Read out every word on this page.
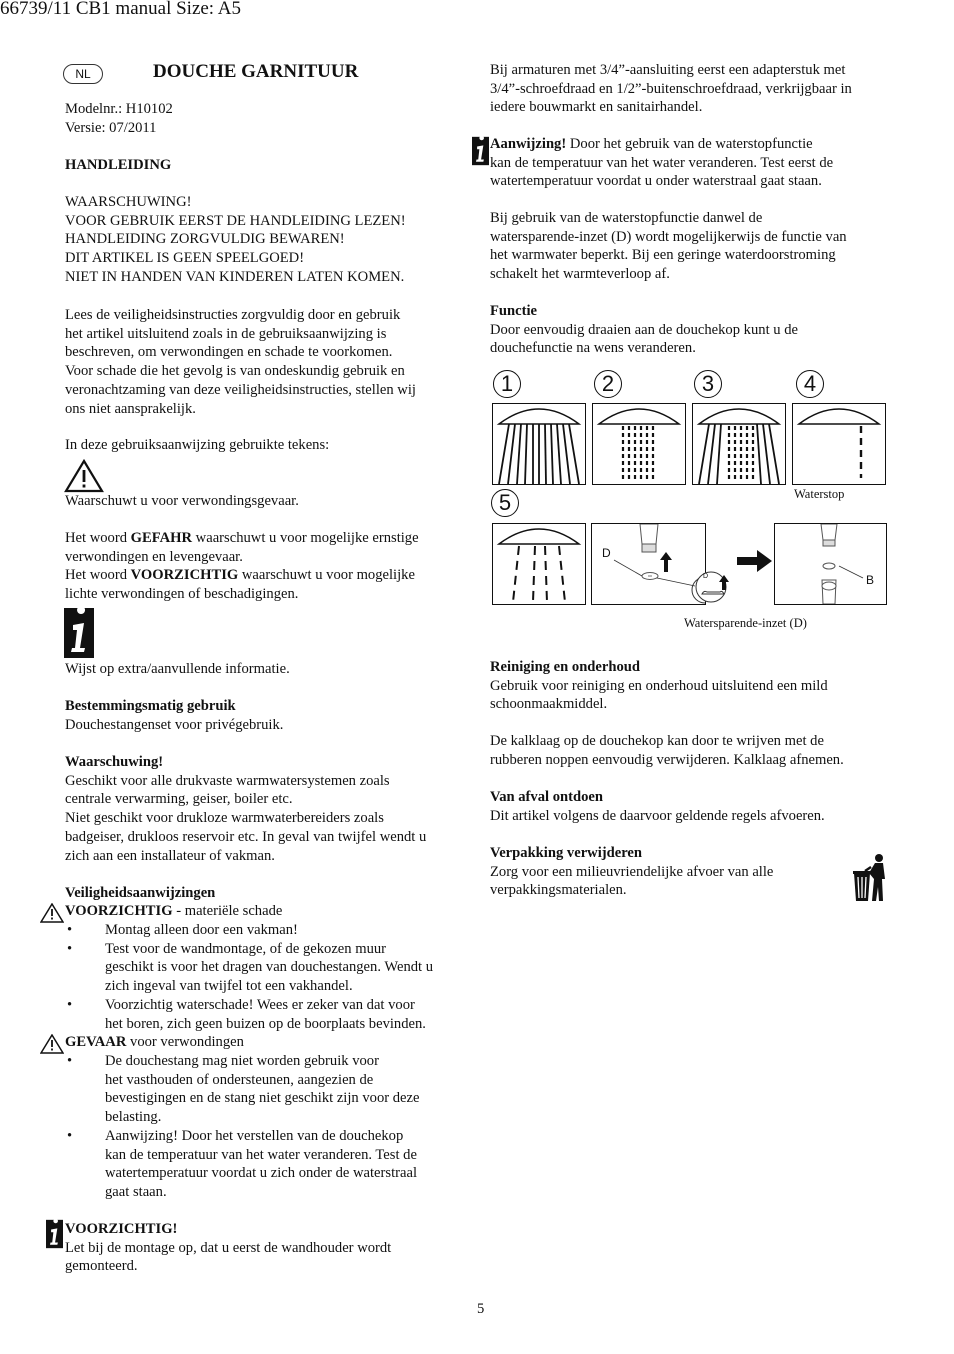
66739/11 CB1 manual Size: A5
NL	DOUCHE GARNITUUR
Modelnr.: H10102
Versie: 07/2011
HANDLEIDING
WAARSCHUWING!
VOOR GEBRUIK EERST DE HANDLEIDING LEZEN!
HANDLEIDING ZORGVULDIG BEWAREN!
DIT ARTIKEL IS GEEN SPEELGOED!
NIET IN HANDEN VAN KINDEREN LATEN KOMEN.
Lees de veiligheidsinstructies zorgvuldig door en gebruik
het artikel uitsluitend zoals in de gebruiksaanwijzing is
beschreven, om verwondingen en schade te voorkomen.
Voor schade die het gevolg is van ondeskundig gebruik en
veronachtzaming van deze veiligheidsinstructies, stellen wij
ons niet aansprakelijk.
In deze gebruiksaanwijzing gebruikte tekens:
Waarschuwt u voor verwondingsgevaar.
Het woord GEFAHR waarschuwt u voor mogelijke ernstige
verwondingen en levengevaar.
Het woord VOORZICHTIG waarschuwt u voor mogelijke
lichte verwondingen of beschadigingen.
Wijst op extra/aanvullende informatie.
Bestemmingsmatig gebruik
Douchestangenset voor privégebruik.
Waarschuwing!
Geschikt voor alle drukvaste warmwatersystemen zoals
centrale verwarming, geiser, boiler etc.
Niet geschikt voor drukloze warmwaterbereiders zoals
badgeiser, drukloos reservoir etc. In geval van twijfel wendt u
zich aan een installateur of vakman.
Veiligheidsaanwijzingen
VOORZICHTIG - materiële schade
• Montag alleen door een vakman!
• Test voor de wandmontage, of de gekozen muur
geschikt is voor het dragen van douchestangen. Wendt u
zich ingeval van twijfel tot een vakhandel.
• Voorzichtig waterschade! Wees er zeker van dat voor
het boren, zich geen buizen op de boorplaats bevinden.
GEVAAR voor verwondingen
• De douchestang mag niet worden gebruik voor
het vasthouden of ondersteunen, aangezien de
bevestigingen en de stang niet geschikt zijn voor deze
belasting.
• Aanwijzing! Door het verstellen van de douchekop
kan de temperatuur van het water veranderen. Test de
watertemperatuur voordat u zich onder de waterstraal
gaat staan.
VOORZICHTIG!
Let bij de montage op, dat u eerst de wandhouder wordt
gemonteerd.
Bij armaturen met 3/4”-aansluiting eerst een adapterstuk met
3/4”-schroefdraad en 1/2”-buitenschroefdraad, verkrijgbaar in
iedere bouwmarkt en sanitairhandel.
Aanwijzing! Door het gebruik van de waterstopfunctie
kan de temperatuur van het water veranderen. Test eerst de
watertemperatuur voordat u onder waterstraal gaat staan.
Bij gebruik van de waterstopfunctie danwel de
watersparende-inzet (D) wordt mogelijkerwijs de functie van
het warmwater beperkt. Bij een geringe waterdoorstroming
schakelt het warmteverloop af.
Functie
Door eenvoudig draaien aan de douchekop kunt u de
douchefunctie na wens veranderen.
1	2	3	4
5	Waterstop
D
D	B
Watersparende-inzet (D)
Reiniging en onderhoud
Gebruik voor reiniging en onderhoud uitsluitend een mild
schoonmaakmiddel.
De kalklaag op de douchekop kan door te wrijven met de
rubberen noppen eenvoudig verwijderen. Kalklaag afnemen.
Van afval ontdoen
Dit artikel volgens de daarvoor geldende regels afvoeren.
Verpakking verwijderen
Zorg voor een milieuvriendelijke afvoer van alle
verpakkingsmaterialen.
5
